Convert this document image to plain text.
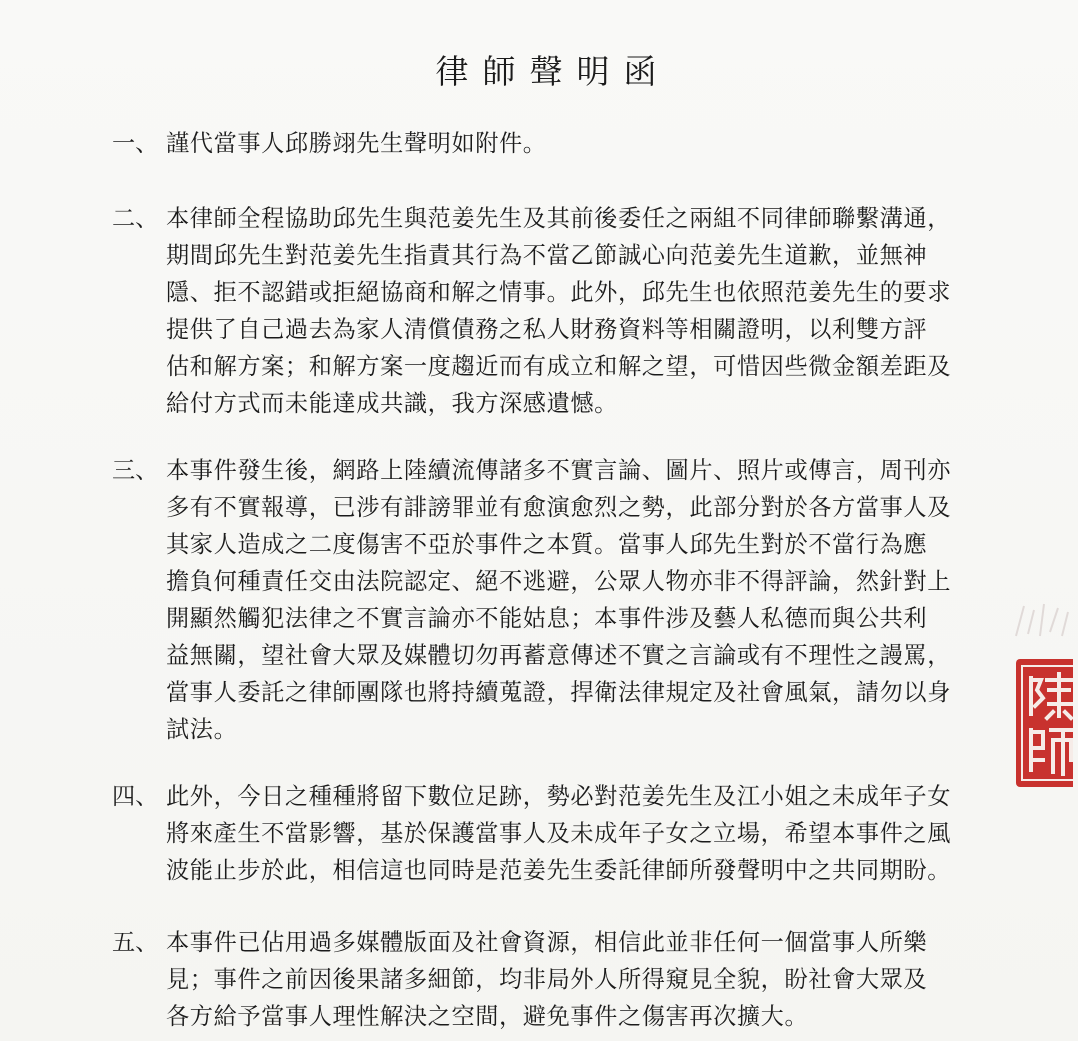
律師聲明函
一、 謹代當事人邱勝翊先生聲明如附件。
二、 本律師全程協助邱先生與范姜先生及其前後委任之兩組不同律師聯繫溝通，
期間邱先生對范姜先生指責其行為不當乙節誠心向范姜先生道歉，並無神
隱、拒不認錯或拒絕協商和解之情事。此外，邱先生也依照范姜先生的要求
提供了自己過去為家人清償債務之私人財務資料等相關證明，以利雙方評
估和解方案；和解方案一度趨近而有成立和解之望，可惜因些微金額差距及
給付方式而未能達成共識，我方深感遺憾。
三、 本事件發生後，網路上陸續流傳諸多不實言論、圖片、照片或傳言，周刊亦
多有不實報導，已涉有誹謗罪並有愈演愈烈之勢，此部分對於各方當事人及
其家人造成之二度傷害不亞於事件之本質。當事人邱先生對於不當行為應
擔負何種責任交由法院認定、絕不逃避，公眾人物亦非不得評論，然針對上
開顯然觸犯法律之不實言論亦不能姑息；本事件涉及藝人私德而與公共利
益無關，望社會大眾及媒體切勿再蓄意傳述不實之言論或有不理性之謾罵，
當事人委託之律師團隊也將持續蒐證，捍衛法律規定及社會風氣，請勿以身
試法。
四、 此外，今日之種種將留下數位足跡，勢必對范姜先生及江小姐之未成年子女
將來產生不當影響，基於保護當事人及未成年子女之立場，希望本事件之風
波能止步於此，相信這也同時是范姜先生委託律師所發聲明中之共同期盼。
五、 本事件已佔用過多媒體版面及社會資源，相信此並非任何一個當事人所樂
見；事件之前因後果諸多細節，均非局外人所得窺見全貌，盼社會大眾及
各方給予當事人理性解決之空間，避免事件之傷害再次擴大。
